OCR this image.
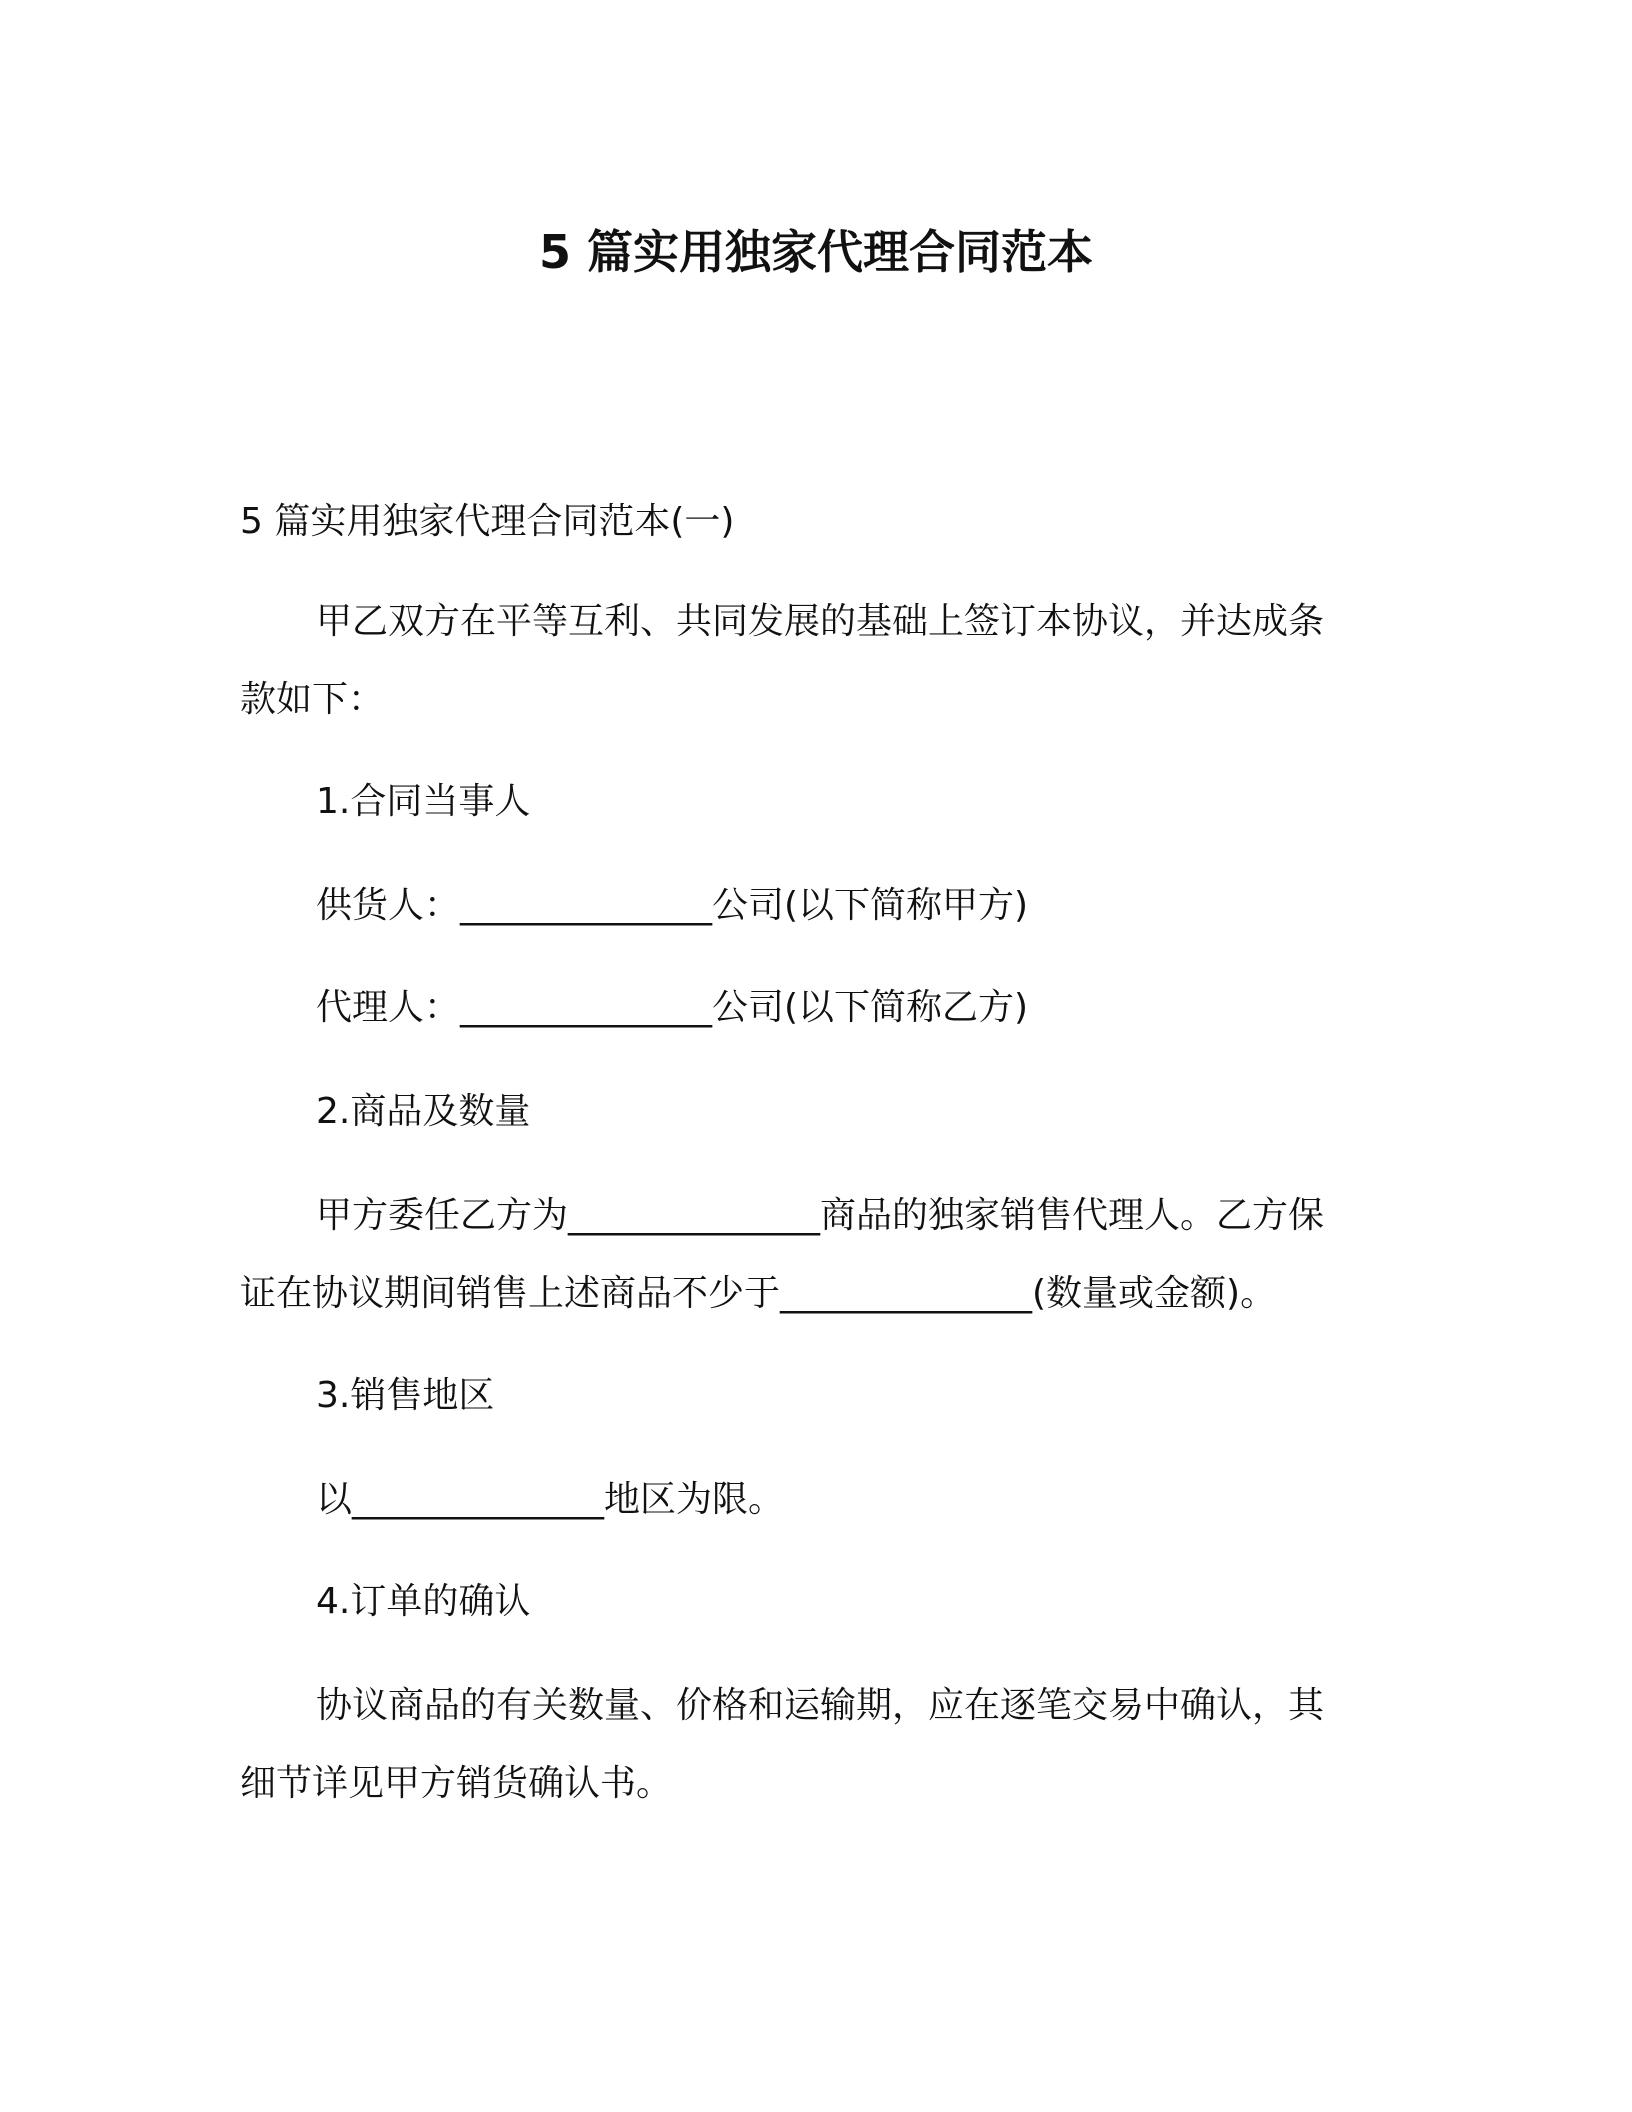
5 篇实用独家代理合同范本

5 篇实用独家代理合同范本(一)

甲乙双方在平等互利、共同发展的基础上签订本协议，并达成条

款如下：

1.合同当事人

供货人：______________公司(以下简称甲方)

代理人：______________公司(以下简称乙方)

2.商品及数量

甲方委任乙方为______________商品的独家销售代理人。乙方保

证在协议期间销售上述商品不少于______________(数量或金额)。

3.销售地区

以______________地区为限。

4.订单的确认

协议商品的有关数量、价格和运输期，应在逐笔交易中确认，其

细节详见甲方销货确认书。
